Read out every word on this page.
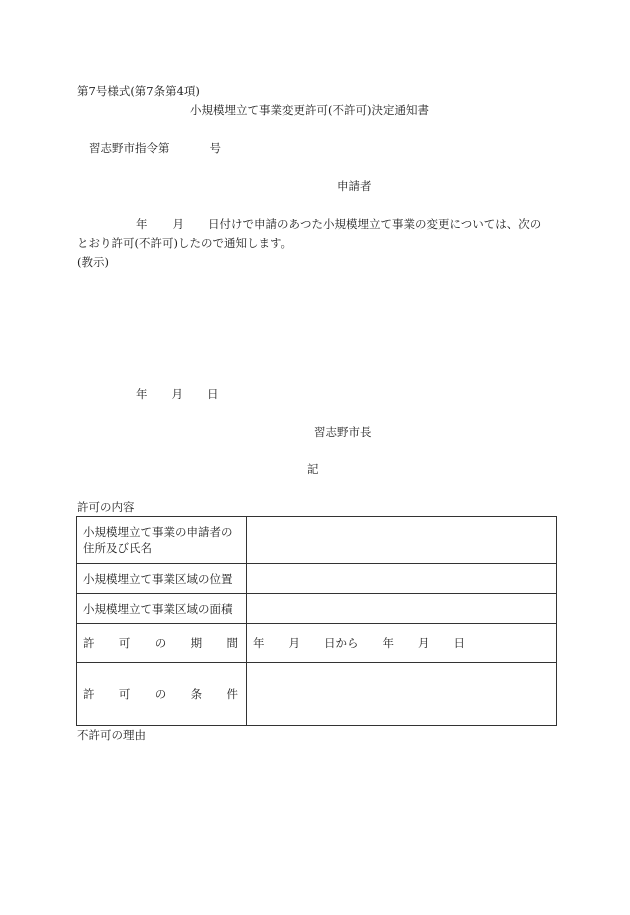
第7号様式(第7条第4項)
小規模埋立て事業変更許可(不許可)決定通知書
習志野市指令第	号
申請者
年 月 日付けで申請のあつた小規模埋立て事業の変更については、次の
とおり許可(不許可)したので通知します。
(教示)
年 月 日
習志野市長
記
許可の内容
小規模埋立て事業の申請者の
住所及び氏名	

小規模埋立て事業区域の位置	
小規模埋立て事業区域の面積	

許 可 の 期 間	年 月 日から 年 月 日

許 可 の 条 件	

不許可の理由
